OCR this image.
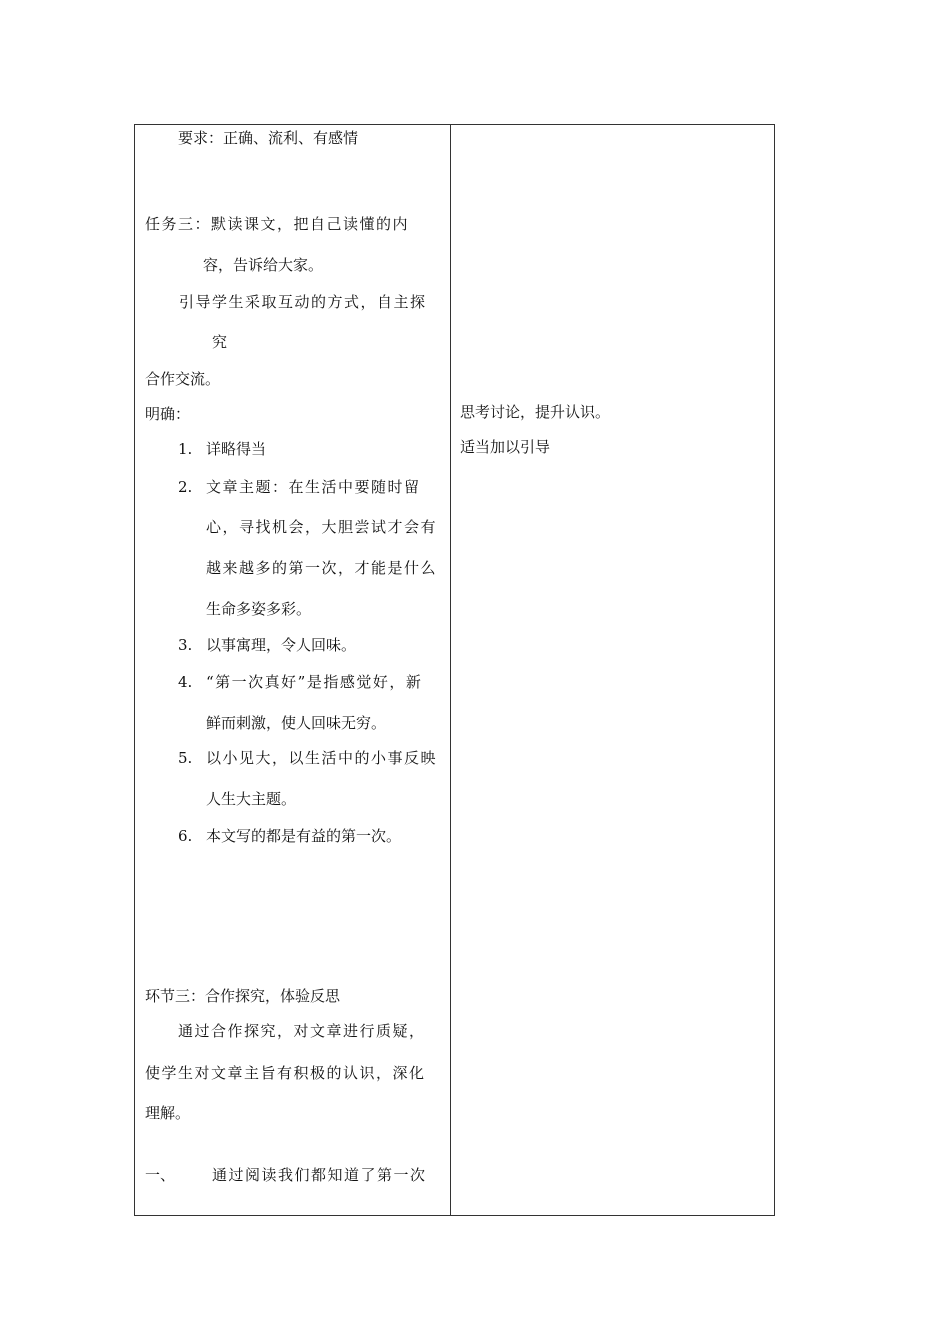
要求：正确、流利、有感情
任务三：默读课文，把自己读懂的内
容，告诉给大家。
引导学生采取互动的方式，自主探
究
合作交流。
明确：
1. 详略得当
2. 文章主题：在生活中要随时留
心，寻找机会，大胆尝试才会有
越来越多的第一次，才能是什么
生命多姿多彩。
3. 以事寓理，令人回味。
4. “第一次真好”是指感觉好，新
鲜而刺激，使人回味无穷。
5. 以小见大，以生活中的小事反映
人生大主题。
6. 本文写的都是有益的第一次。
环节三：合作探究，体验反思
通过合作探究，对文章进行质疑，
使学生对文章主旨有积极的认识，深化
理解。
一、 通过阅读我们都知道了第一次
思考讨论，提升认识。
适当加以引导
